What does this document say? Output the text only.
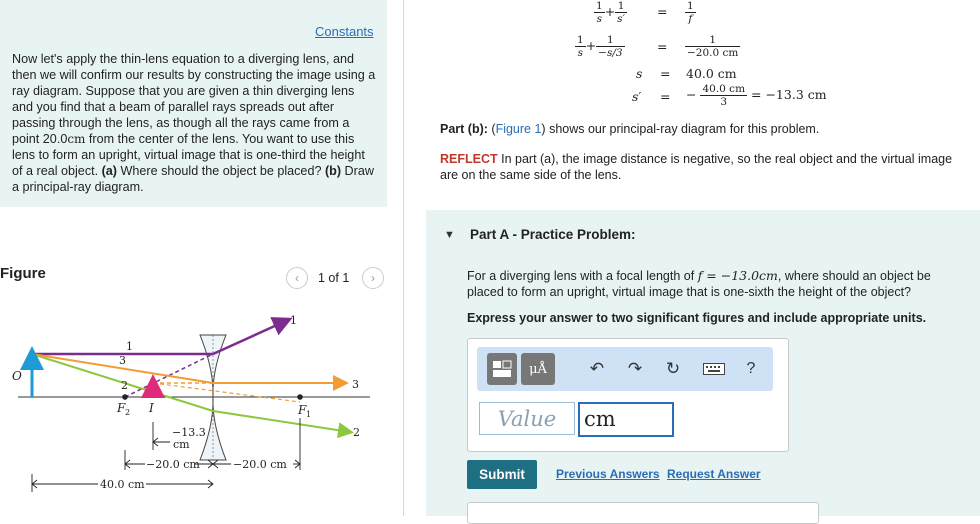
Constants
Now let's apply the thin-lens equation to a diverging lens, and then we will confirm our results by constructing the image using a ray diagram. Suppose that you are given a thin diverging lens and you find that a beam of parallel rays spreads out after passing through the lens, as though all the rays came from a point 20.0cm from the center of the lens. You want to use this lens to form an upright, virtual image that is one-third the height of a real object. (a) Where should the object be placed? (b) Draw a principal-ray diagram.
Figure	‹	1 of 1	›
O
1
3
2
1
3
2
F 2 I	F 1
−13.3
cm
−20.0 cm	−20.0 cm
40.0 cm
$\frac{1}{s} + \frac{1}{s'} = \frac{1}{f}$
$\frac{1}{s} + \frac{1}{-s/3}$	= $\frac{1}{-20.0 cm}$
s = 40.0 cm
s′ = − $\frac{40.0 cm}{3} = -13.3$ cm
Part (b): (Figure 1) shows our principal-ray diagram for this problem.
REFLECT In part (a), the image distance is negative, so the real object and the virtual image are on the same side of the lens.
▼ Part A - Practice Problem:
For a diverging lens with a focal length of f = −13.0cm, where should an object be placed to form an upright, virtual image that is one-sixth the height of the object?
Express your answer to two significant figures and include appropriate units.
μÅ	↶ ↷ ↻	?
Value	cm
Submit	Previous Answers Request Answer
